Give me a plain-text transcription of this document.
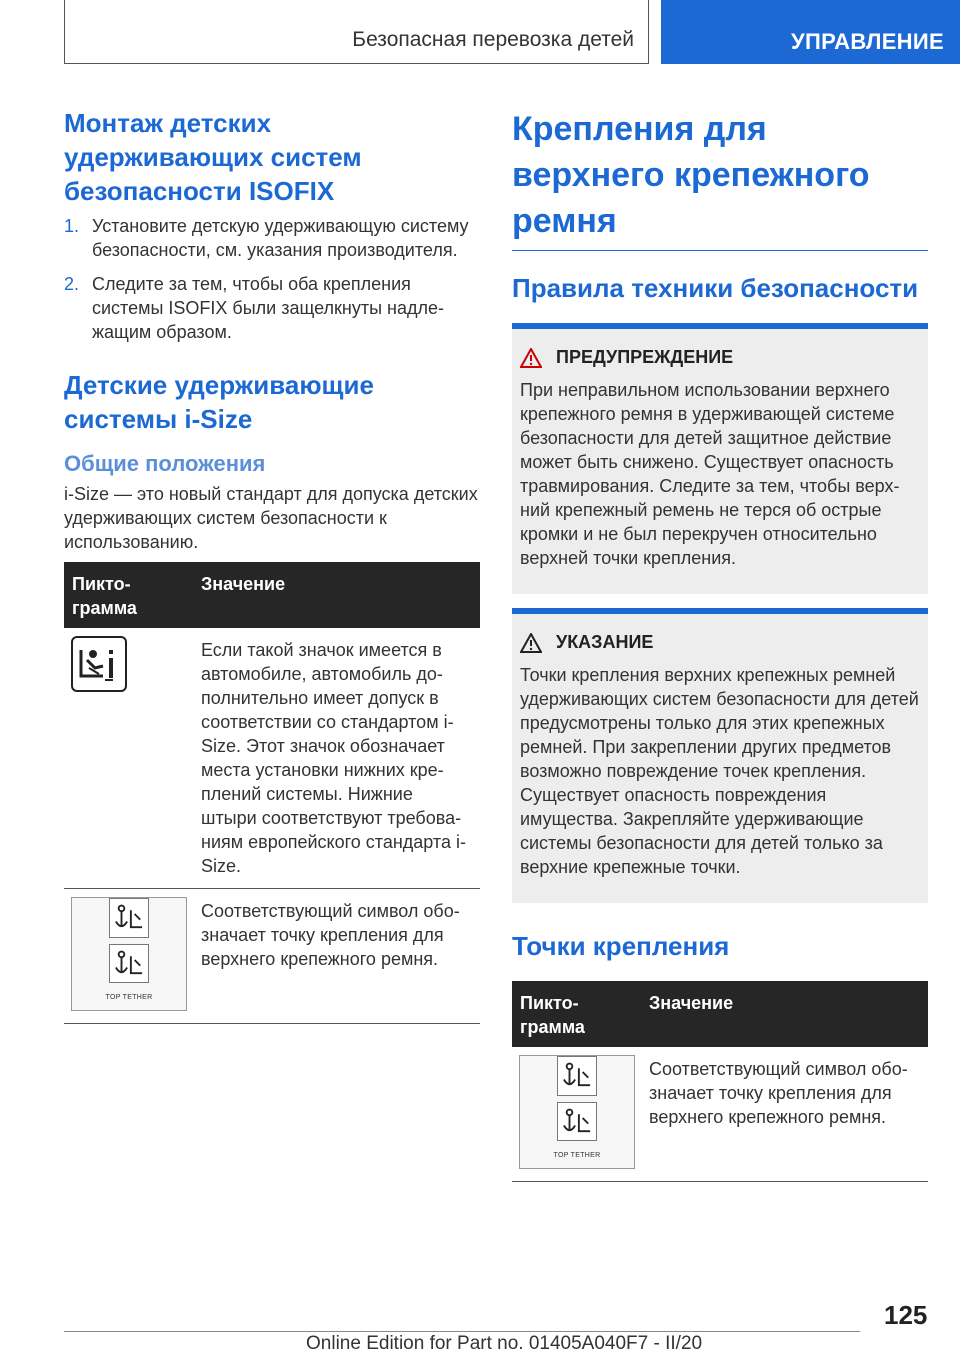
Безопасная перевозка детей	УПРАВЛЕНИЕ
Монтаж детских удерживающих систем безопасности ISOFIX
1. Установите детскую удерживающую систему безопасности, см. указания производителя.
2. Следите за тем, чтобы оба крепления системы ISOFIX были защелкнуты надлежащим образом.
Детские удерживающие системы i-Size
Общие положения

i-Size — это новый стандарт для допуска детских удерживающих систем безопасности к использованию.

Пиктограмма	Значение

	Если такой значок имеется в автомобиле, автомобиль дополнительно имеет допуск в соответствии со стандартом i-Size. Этот значок обозначает места установки нижних креплений системы. Нижние штыри соответствуют требованиям европейского стандарта i-Size.

TOP TETHER	Соответствующий символ обозначает точку крепления для верхнего крепежного ремня.
Крепления для верхнего крепежного ремня
Правила техники безопасности
ПРЕДУПРЕЖДЕНИЕ

При неправильном использовании верхнего крепежного ремня в удерживающей системе безопасности для детей защитное действие может быть снижено. Существует опасность травмирования. Следите за тем, чтобы верхний крепежный ремень не терся об острые кромки и не был перекручен относительно верхней точки крепления.

УКАЗАНИЕ

Точки крепления верхних крепежных ремней удерживающих систем безопасности для детей предусмотрены только для этих крепежных ремней. При закреплении других предметов возможно повреждение точек крепления. Существует опасность повреждения имущества. Закрепляйте удерживающие системы безопасности для детей только за верхние крепежные точки.

Точки крепления
Пиктограмма	Значение

TOP TETHER	Соответствующий символ обозначает точку крепления для верхнего крепежного ремня.
125
Online Edition for Part no. 01405A040F7 - II/20
